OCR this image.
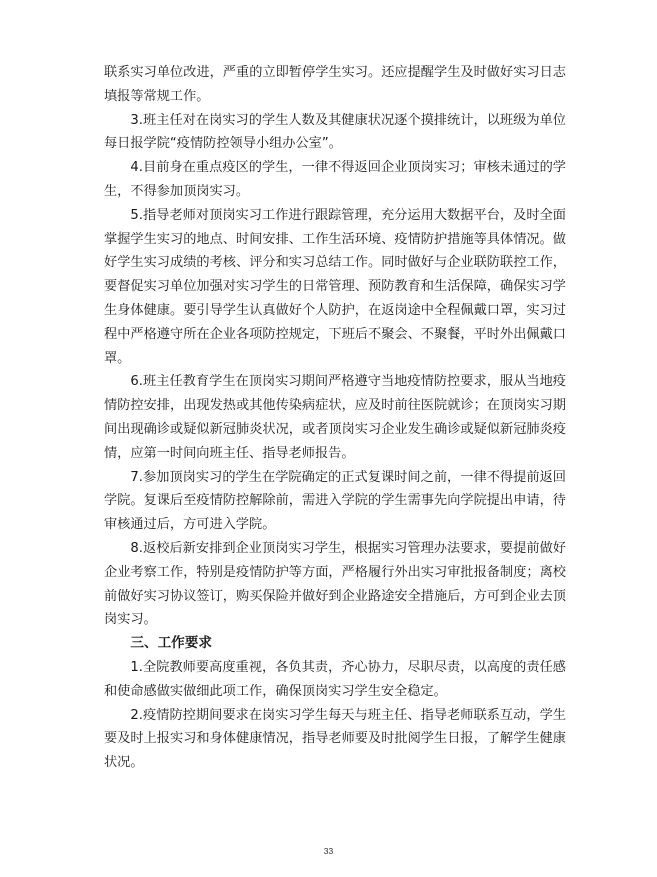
联系实习单位改进，严重的立即暂停学生实习。还应提醒学生及时做好实习日志填报等常规工作。

3.班主任对在岗实习的学生人数及其健康状况逐个摸排统计，以班级为单位每日报学院“疫情防控领导小组办公室”。

4.目前身在重点疫区的学生，一律不得返回企业顶岗实习；审核未通过的学生，不得参加顶岗实习。

5.指导老师对顶岗实习工作进行跟踪管理，充分运用大数据平台，及时全面掌握学生实习的地点、时间安排、工作生活环境、疫情防护措施等具体情况。做好学生实习成绩的考核、评分和实习总结工作。同时做好与企业联防联控工作，要督促实习单位加强对实习学生的日常管理、预防教育和生活保障，确保实习学生身体健康。要引导学生认真做好个人防护，在返岗途中全程佩戴口罩，实习过程中严格遵守所在企业各项防控规定，下班后不聚会、不聚餐，平时外出佩戴口罩。

6.班主任教育学生在顶岗实习期间严格遵守当地疫情防控要求，服从当地疫情防控安排，出现发热或其他传染病症状，应及时前往医院就诊；在顶岗实习期间出现确诊或疑似新冠肺炎状况，或者顶岗实习企业发生确诊或疑似新冠肺炎疫情，应第一时间向班主任、指导老师报告。

7.参加顶岗实习的学生在学院确定的正式复课时间之前，一律不得提前返回学院。复课后至疫情防控解除前，需进入学院的学生需事先向学院提出申请，待审核通过后，方可进入学院。

8.返校后新安排到企业顶岗实习学生，根据实习管理办法要求，要提前做好企业考察工作，特别是疫情防护等方面，严格履行外出实习审批报备制度；离校前做好实习协议签订，购买保险并做好到企业路途安全措施后，方可到企业去顶岗实习。

三、工作要求

1.全院教师要高度重视，各负其责，齐心协力，尽职尽责，以高度的责任感和使命感做实做细此项工作，确保顶岗实习学生安全稳定。

2.疫情防控期间要求在岗实习学生每天与班主任、指导老师联系互动，学生要及时上报实习和身体健康情况，指导老师要及时批阅学生日报，了解学生健康状况。

33
